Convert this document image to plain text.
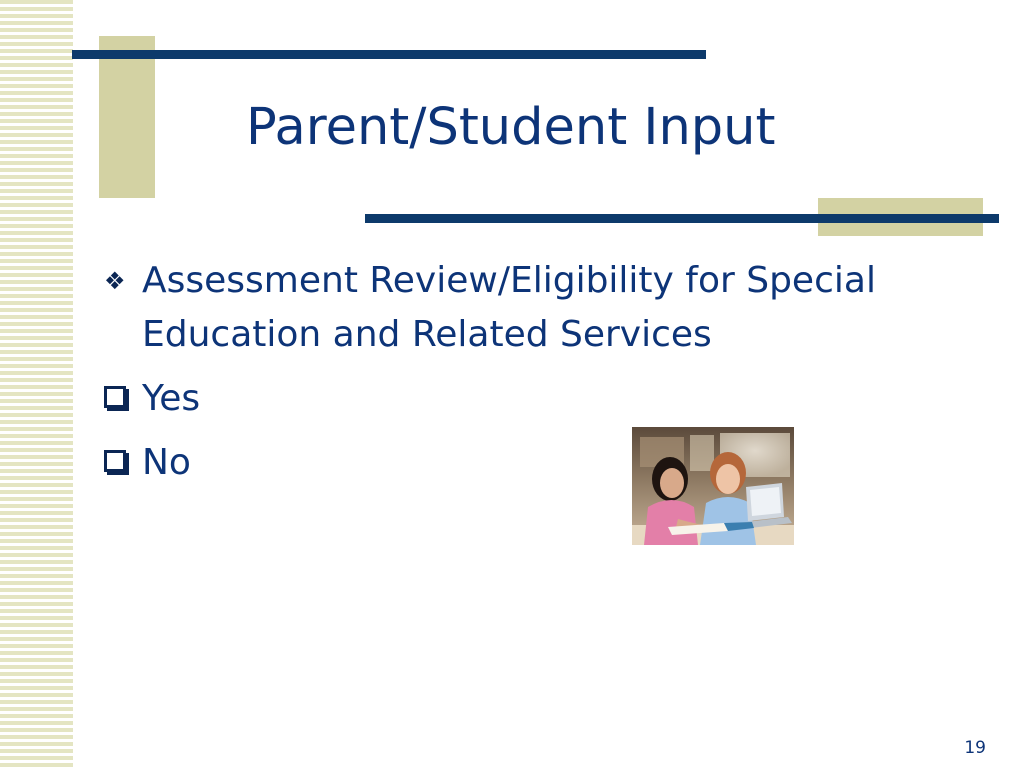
Parent/Student Input
❖ Assessment Review/Eligibility for Special Education and Related Services
Yes
No
19
